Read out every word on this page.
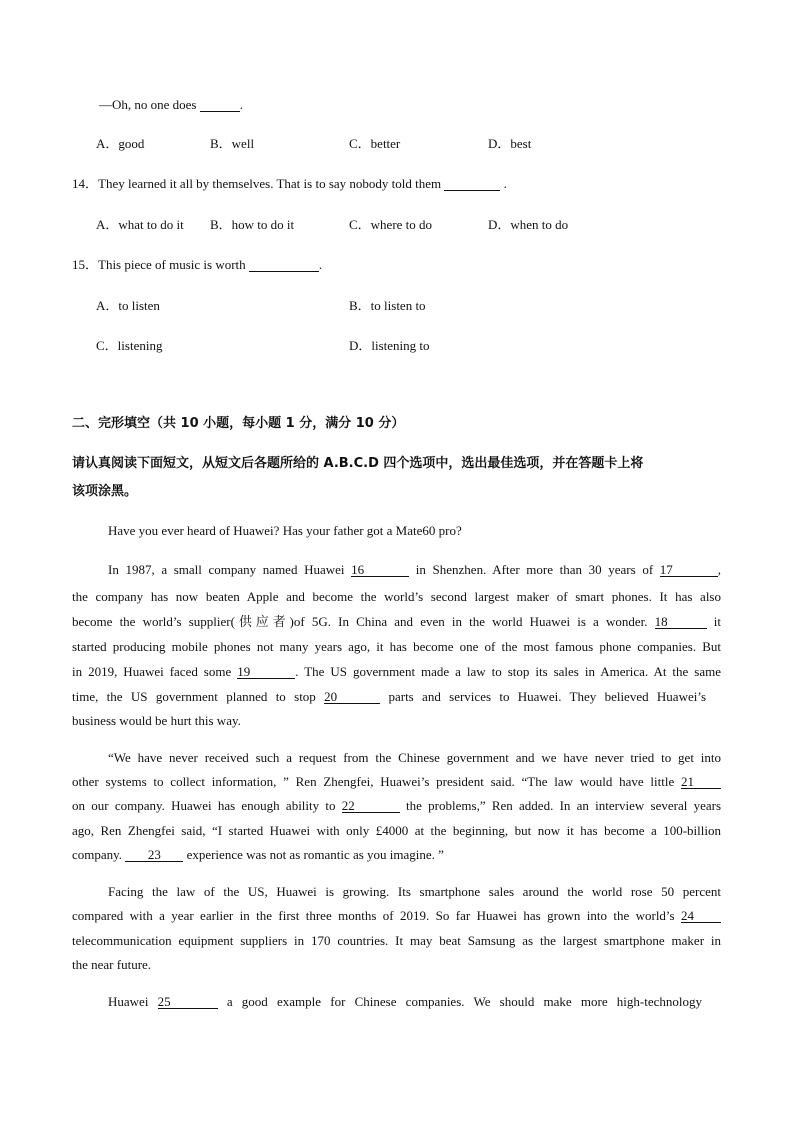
—Oh, no one does	.
A．good	B．well	C．better	D．best
14．They learned it all by themselves. That is to say nobody told them	.
A．what to do it B．how to do it	C．where to do	D．when to do
15．This piece of music is worth	.
A．to listen	B．to listen to
C．listening	D．listening to
二、完形填空（共 10 小题，每小题 1 分，满分 10 分）
请认真阅读下面短文，从短文后各题所给的 A.B.C.D 四个选项中，选出最佳选项，并在答题卡上将
该项涂黑。
Have you ever heard of Huawei? Has your father got a Mate60 pro?
In 1987, a small company named Huawei 16	in Shenzhen. After more than 30 years of 17	,
the company has now beaten Apple and become the world’s second largest maker of smart phones. It has also
become the world’s supplier(供应者)of 5G. In China and even in the world Huawei is a wonder. 18	it
started producing mobile phones not many years ago, it has become one of the most famous phone companies. But
in 2019, Huawei faced some 19	. The US government made a law to stop its sales in America. At the same
time, the US government planned to stop 20	parts and services to Huawei. They believed Huawei’s
business would be hurt this way.
“We have never received such a request from the Chinese government and we have never tried to get into
other systems to collect information, ” Ren Zhengfei, Huawei’s president said. “The law would have little 21
on our company. Huawei has enough ability to 22	the problems,” Ren added. In an interview several years
ago, Ren Zhengfei said, “I started Huawei with only £4000 at the beginning, but now it has become a 100-billion
company. 23 experience was not as romantic as you imagine. ”
Facing the law of the US, Huawei is growing. Its smartphone sales around the world rose 50 percent
compared with a year earlier in the first three months of 2019. So far Huawei has grown into the world’s 24
telecommunication equipment suppliers in 170 countries. It may beat Samsung as the largest smartphone maker in
the near future.
Huawei 25	a good example for Chinese companies. We should make more high-technology
